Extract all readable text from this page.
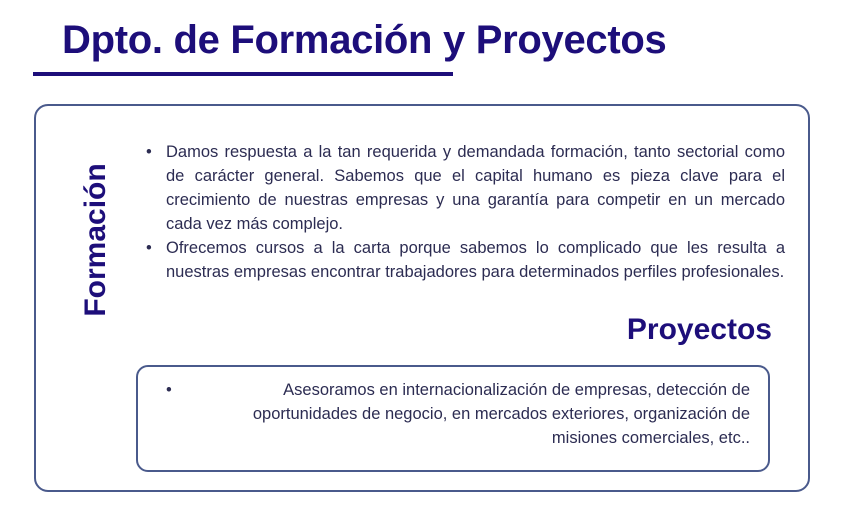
Dpto. de Formación y Proyectos
Formación
• Damos respuesta a la tan requerida y demandada formación, tanto sectorial como de carácter general. Sabemos que el capital humano es pieza clave para el crecimiento de nuestras empresas y una garantía para competir en un mercado cada vez más complejo.
• Ofrecemos cursos a la carta porque sabemos lo complicado que les resulta a nuestras empresas encontrar trabajadores para determinados perfiles profesionales.
Proyectos
•	Asesoramos en internacionalización de empresas, detección de oportunidades de negocio, en mercados exteriores, organización de misiones comerciales, etc..
